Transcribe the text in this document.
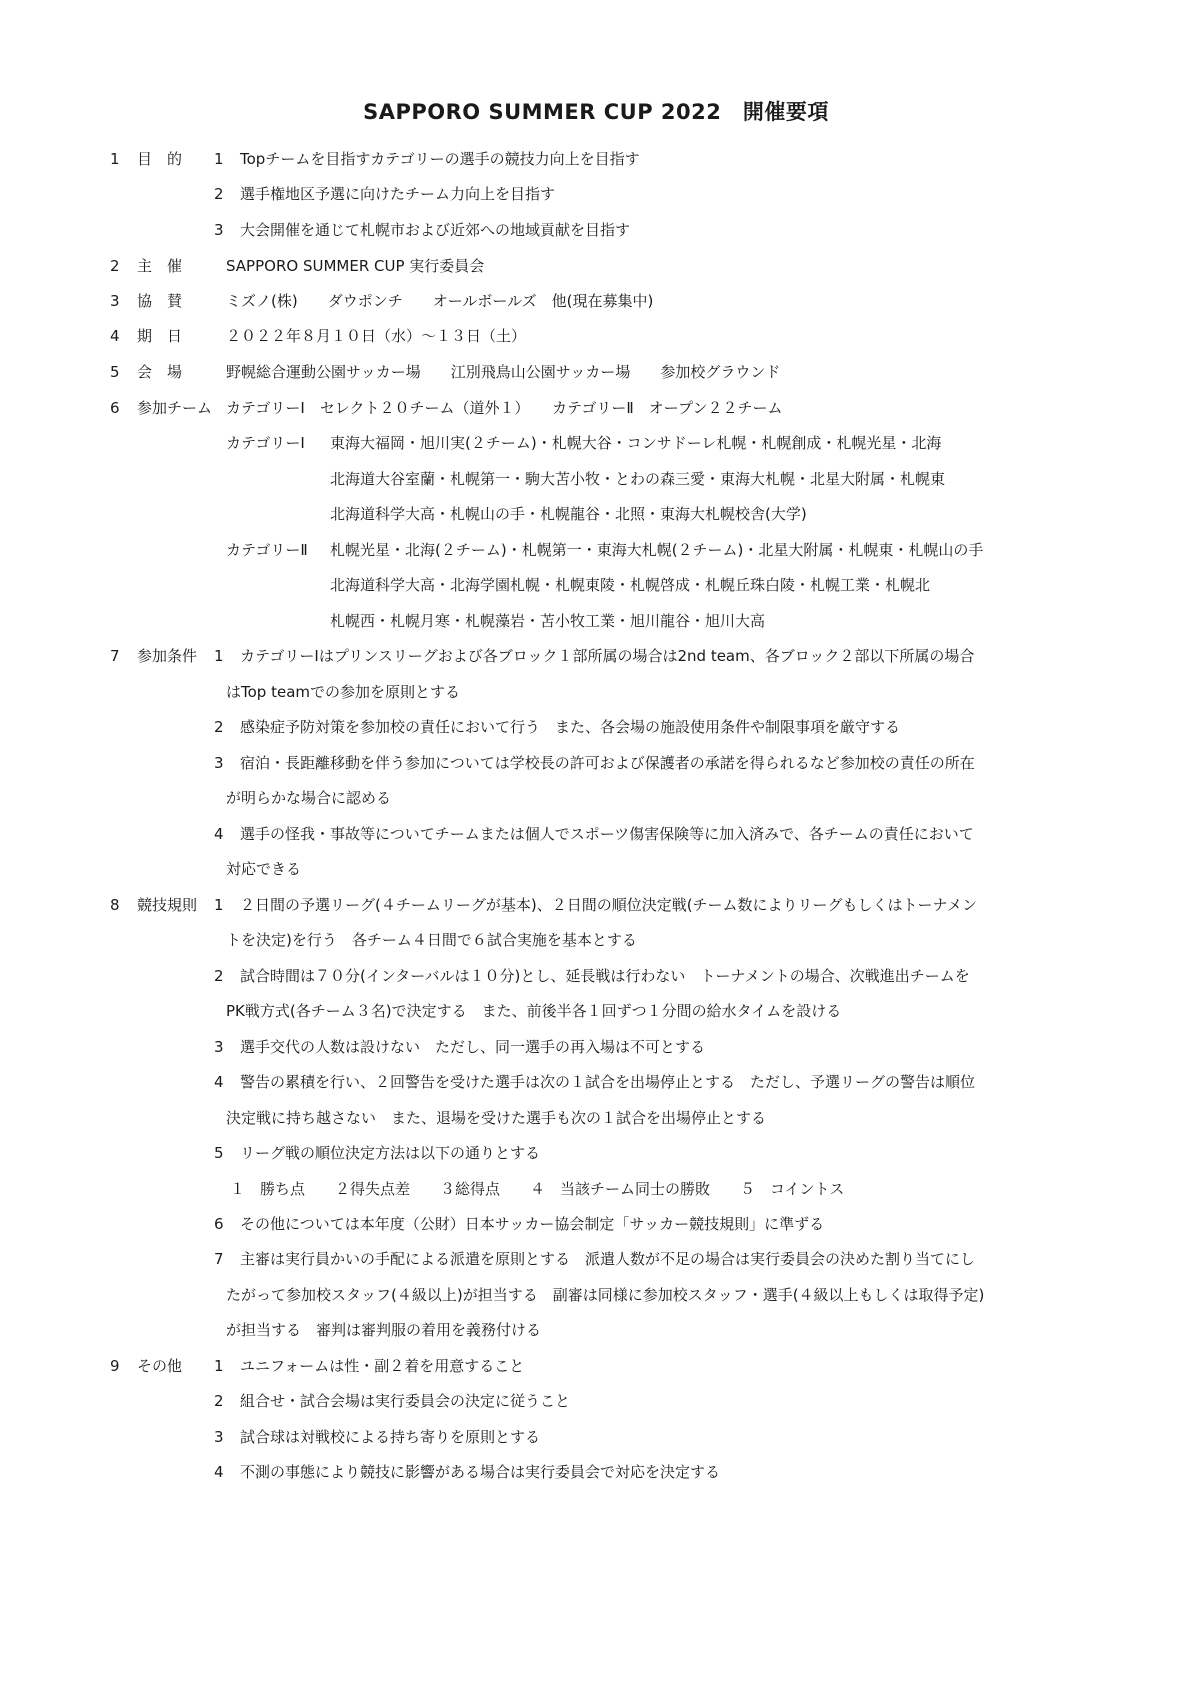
SAPPORO SUMMER CUP 2022　開催要項
1 目　的 1 Topチームを目指すカテゴリーの選手の競技力向上を目指す
2 選手権地区予選に向けたチーム力向上を目指す
3 大会開催を通じて札幌市および近郊への地域貢献を目指す
2 主　催	SAPPORO SUMMER CUP 実行委員会
3 協　賛	ミズノ(株)　　ダウポンチ　　オールボールズ　他(現在募集中)
4 期　日	２０２２年８月１０日（水）～１３日（土）
5 会　場	野幌総合運動公園サッカー場　　江別飛鳥山公園サッカー場　　参加校グラウンド
6 参加チーム カテゴリーⅠ　セレクト２０チーム（道外１）　　カテゴリーⅡ　オープン２２チーム
カテゴリーⅠ 東海大福岡・旭川実(２チーム)・札幌大谷・コンサドーレ札幌・札幌創成・札幌光星・北海
北海道大谷室蘭・札幌第一・駒大苫小牧・とわの森三愛・東海大札幌・北星大附属・札幌東
北海道科学大高・札幌山の手・札幌龍谷・北照・東海大札幌校舎(大学)
カテゴリーⅡ 札幌光星・北海(２チーム)・札幌第一・東海大札幌(２チーム)・北星大附属・札幌東・札幌山の手
北海道科学大高・北海学園札幌・札幌東陵・札幌啓成・札幌丘珠白陵・札幌工業・札幌北
札幌西・札幌月寒・札幌藻岩・苫小牧工業・旭川龍谷・旭川大高
7 参加条件 1 カテゴリーⅠはプリンスリーグおよび各ブロック１部所属の場合は2nd team、各ブロック２部以下所属の場合
はTop teamでの参加を原則とする
2 感染症予防対策を参加校の責任において行う　また、各会場の施設使用条件や制限事項を厳守する
3 宿泊・長距離移動を伴う参加については学校長の許可および保護者の承諾を得られるなど参加校の責任の所在
が明らかな場合に認める
4 選手の怪我・事故等についてチームまたは個人でスポーツ傷害保険等に加入済みで、各チームの責任において
対応できる
8 競技規則 1 ２日間の予選リーグ(４チームリーグが基本)、２日間の順位決定戦(チーム数によりリーグもしくはトーナメン
トを決定)を行う　各チーム４日間で６試合実施を基本とする
2 試合時間は７０分(インターバルは１０分)とし、延長戦は行わない　トーナメントの場合、次戦進出チームを
PK戦方式(各チーム３名)で決定する　また、前後半各１回ずつ１分間の給水タイムを設ける
3 選手交代の人数は設けない　ただし、同一選手の再入場は不可とする
4 警告の累積を行い、２回警告を受けた選手は次の１試合を出場停止とする　ただし、予選リーグの警告は順位
決定戦に持ち越さない　また、退場を受けた選手も次の１試合を出場停止とする
5 リーグ戦の順位決定方法は以下の通りとする
１　勝ち点　　２得失点差　　３総得点　　４　当該チーム同士の勝敗　　５　コイントス
6 その他については本年度（公財）日本サッカー協会制定「サッカー競技規則」に準ずる
7 主審は実行員かいの手配による派遣を原則とする　派遣人数が不足の場合は実行委員会の決めた割り当てにし
たがって参加校スタッフ(４級以上)が担当する　副審は同様に参加校スタッフ・選手(４級以上もしくは取得予定)
が担当する　審判は審判服の着用を義務付ける
9 その他 1 ユニフォームは性・副２着を用意すること
2 組合せ・試合会場は実行委員会の決定に従うこと
3 試合球は対戦校による持ち寄りを原則とする
4 不測の事態により競技に影響がある場合は実行委員会で対応を決定する
